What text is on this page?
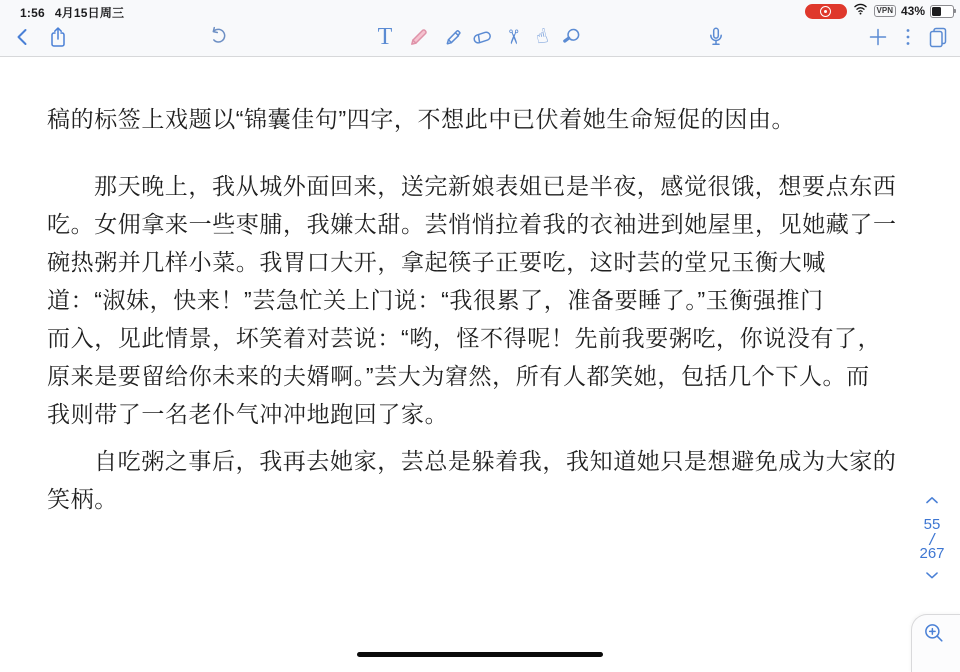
1:56 4月15日周三	VPN 43%
T	✂ ☝
稿的标签上戏题以“锦囊佳句”四字，不想此中已伏着她生命短促的因由。
那天晚上，我从城外面回来，送完新娘表姐已是半夜，感觉很饿，想要点东西
吃。女佣拿来一些枣脯，我嫌太甜。芸悄悄拉着我的衣袖进到她屋里，见她藏了一
碗热粥并几样小菜。我胃口大开，拿起筷子正要吃，这时芸的堂兄玉衡大喊
道：“淑妹，快来！”芸急忙关上门说：“我很累了，准备要睡了。”玉衡强推门
而入，见此情景，坏笑着对芸说：“哟，怪不得呢！先前我要粥吃，你说没有了，
原来是要留给你未来的夫婿啊。”芸大为窘然，所有人都笑她，包括几个下人。而
我则带了一名老仆气冲冲地跑回了家。
自吃粥之事后，我再去她家，芸总是躲着我，我知道她只是想避免成为大家的
笑柄。
55
/
267
